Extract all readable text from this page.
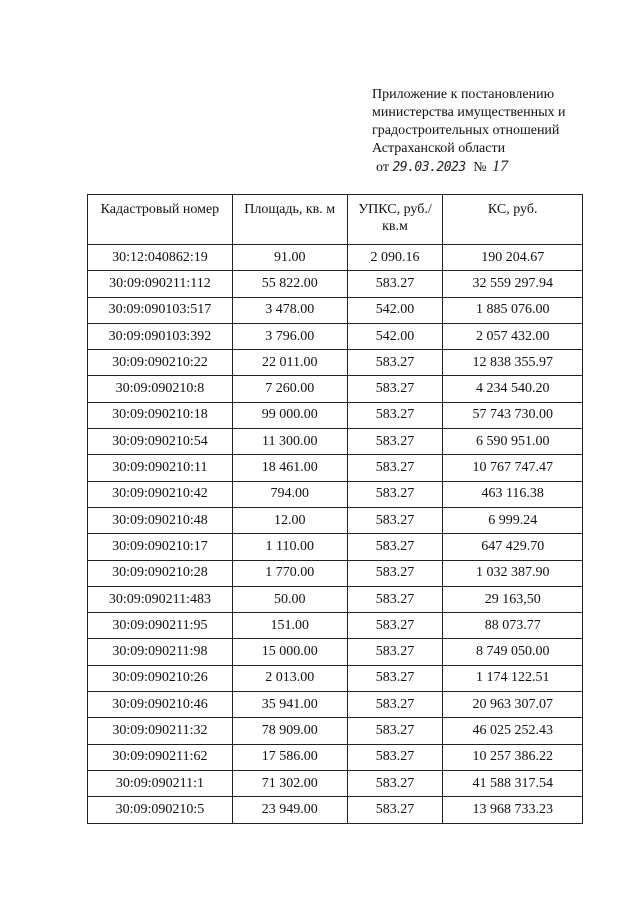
Приложение к постановлению
министерства имущественных и
градостроительных отношений
Астраханской области
от 29.03.2023 № 17
Кадастровый номер	Площадь, кв. м	УПКС, руб./кв.м	КС, руб.
30:12:040862:19	91.00	2 090.16	190 204.67
30:09:090211:112	55 822.00	583.27	32 559 297.94
30:09:090103:517	3 478.00	542.00	1 885 076.00
30:09:090103:392	3 796.00	542.00	2 057 432.00
30:09:090210:22	22 011.00	583.27	12 838 355.97
30:09:090210:8	7 260.00	583.27	4 234 540.20
30:09:090210:18	99 000.00	583.27	57 743 730.00
30:09:090210:54	11 300.00	583.27	6 590 951.00
30:09:090210:11	18 461.00	583.27	10 767 747.47
30:09:090210:42	794.00	583.27	463 116.38
30:09:090210:48	12.00	583.27	6 999.24
30:09:090210:17	1 110.00	583.27	647 429.70
30:09:090210:28	1 770.00	583.27	1 032 387.90
30:09:090211:483	50.00	583.27	29 163,50
30:09:090211:95	151.00	583.27	88 073.77
30:09:090211:98	15 000.00	583.27	8 749 050.00
30:09:090210:26	2 013.00	583.27	1 174 122.51
30:09:090210:46	35 941.00	583.27	20 963 307.07
30:09:090211:32	78 909.00	583.27	46 025 252.43
30:09:090211:62	17 586.00	583.27	10 257 386.22
30:09:090211:1	71 302.00	583.27	41 588 317.54
30:09:090210:5	23 949.00	583.27	13 968 733.23
